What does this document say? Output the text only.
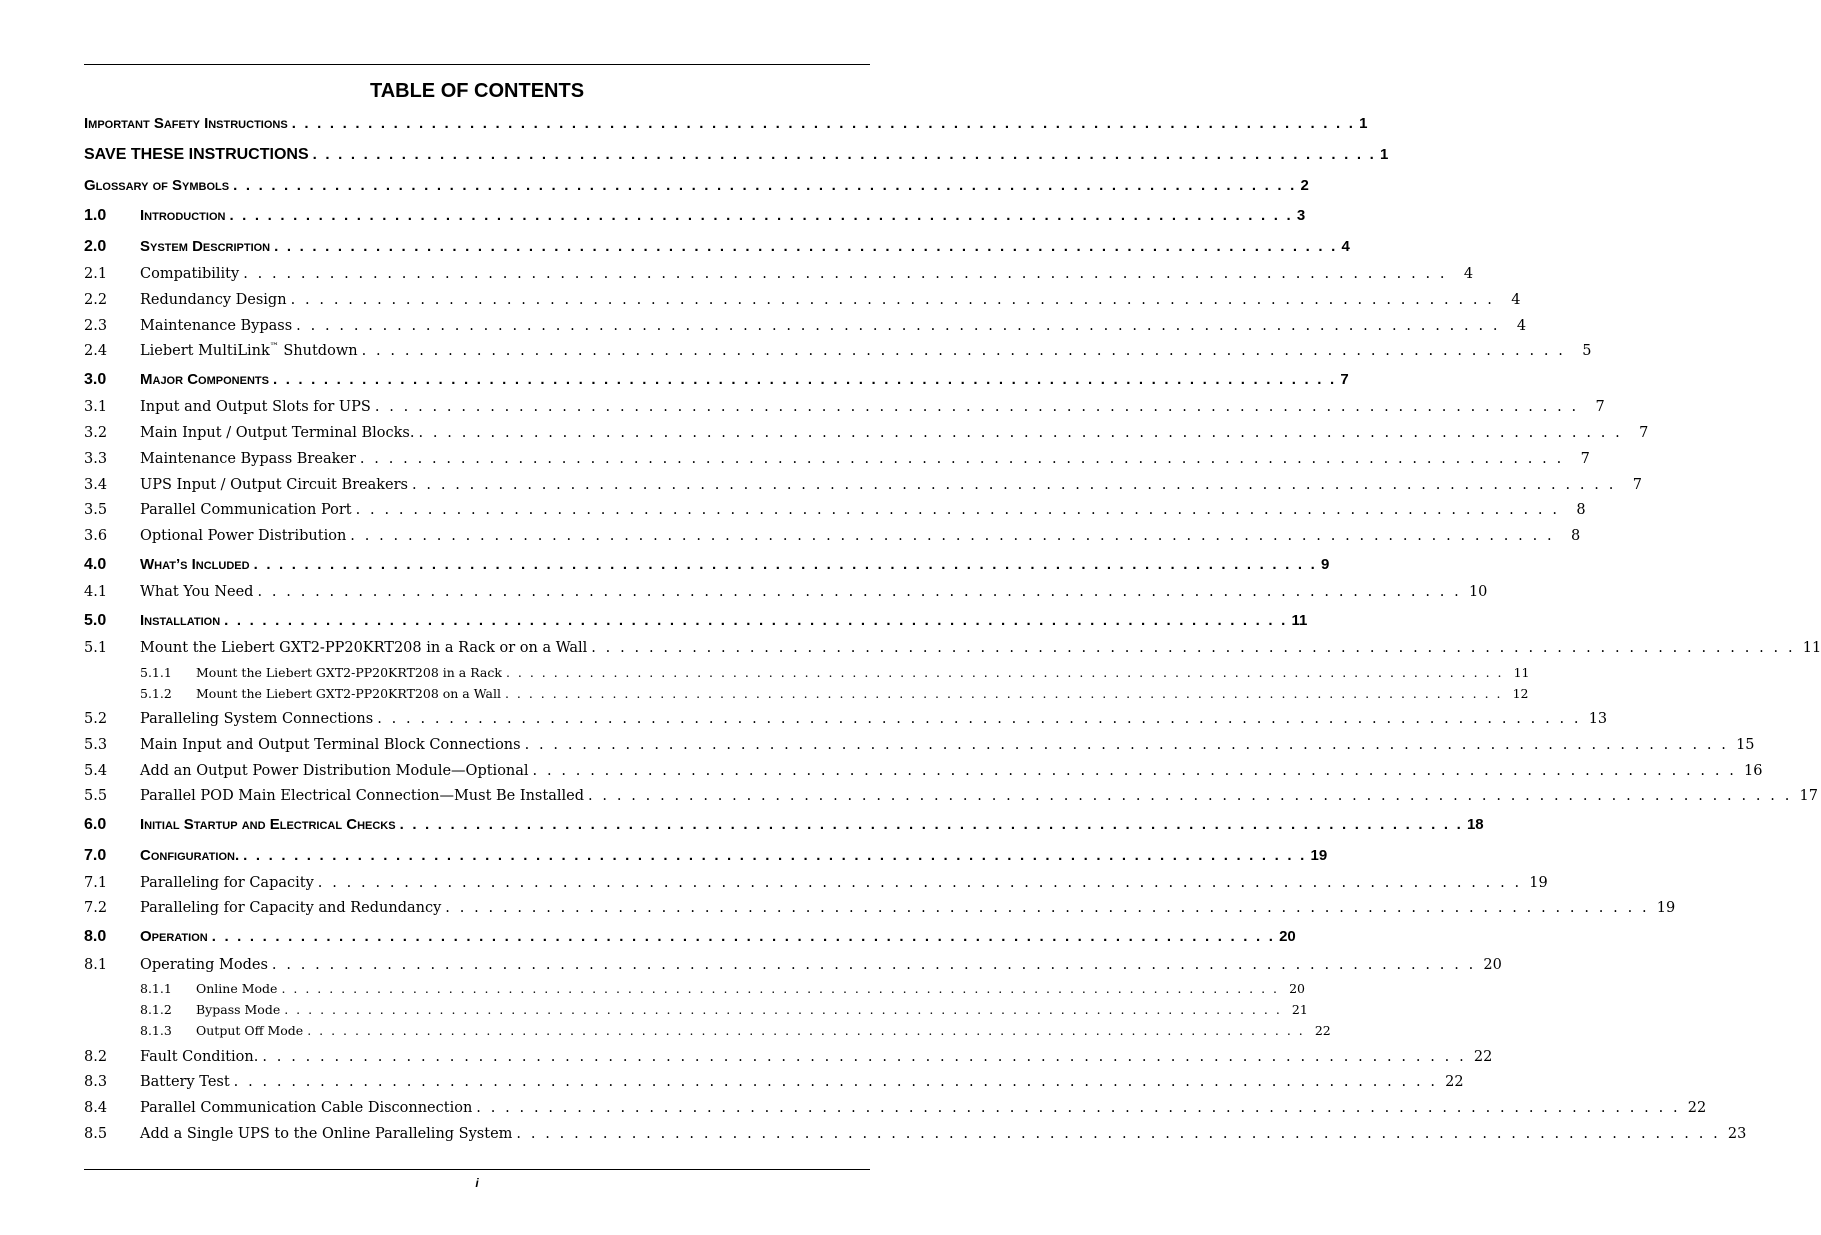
TABLE OF CONTENTS
Important Safety Instructions . . . . . . . . . . . . . . . . . . . . . . . . . . . . . . . . . . . . . . . . . . . . . . . . . . . . . . . . . . . . . . . . . . . . . . . . . . . . . . . . . . . . 1
SAVE THESE INSTRUCTIONS . . . . . . . . . . . . . . . . . . . . . . . . . . . . . . . . . . . . . . . . . . . . . . . . . . . . . . . . . . . . . . . . . . . . . . . . . . . . . . . . . . . . 1
Glossary of Symbols . . . . . . . . . . . . . . . . . . . . . . . . . . . . . . . . . . . . . . . . . . . . . . . . . . . . . . . . . . . . . . . . . . . . . . . . . . . . . . . . . . . . 2
1.0	Introduction . . . . . . . . . . . . . . . . . . . . . . . . . . . . . . . . . . . . . . . . . . . . . . . . . . . . . . . . . . . . . . . . . . . . . . . . . . . . . . . . . . . . 3
2.0	System Description . . . . . . . . . . . . . . . . . . . . . . . . . . . . . . . . . . . . . . . . . . . . . . . . . . . . . . . . . . . . . . . . . . . . . . . . . . . . . . . . . . . . 4
2.1	Compatibility . . . . . . . . . . . . . . . . . . . . . . . . . . . . . . . . . . . . . . . . . . . . . . . . . . . . . . . . . . . . . . . . . . . . . . . . . . . . . . . . . . . .	4
2.2	Redundancy Design . . . . . . . . . . . . . . . . . . . . . . . . . . . . . . . . . . . . . . . . . . . . . . . . . . . . . . . . . . . . . . . . . . . . . . . . . . . . . . . . . . . .	4
2.3	Maintenance Bypass . . . . . . . . . . . . . . . . . . . . . . . . . . . . . . . . . . . . . . . . . . . . . . . . . . . . . . . . . . . . . . . . . . . . . . . . . . . . . . . . . . . .	4
2.4	Liebert MultiLink™ Shutdown . . . . . . . . . . . . . . . . . . . . . . . . . . . . . . . . . . . . . . . . . . . . . . . . . . . . . . . . . . . . . . . . . . . . . . . . . . . . . . . . . . . .	5
3.0	Major Components . . . . . . . . . . . . . . . . . . . . . . . . . . . . . . . . . . . . . . . . . . . . . . . . . . . . . . . . . . . . . . . . . . . . . . . . . . . . . . . . . . . . 7
3.1	Input and Output Slots for UPS . . . . . . . . . . . . . . . . . . . . . . . . . . . . . . . . . . . . . . . . . . . . . . . . . . . . . . . . . . . . . . . . . . . . . . . . . . . . . . . . . . . .	7
3.2	Main Input / Output Terminal Blocks. . . . . . . . . . . . . . . . . . . . . . . . . . . . . . . . . . . . . . . . . . . . . . . . . . . . . . . . . . . . . . . . . . . . . . . . . . . . . . . . . . . . .	7
3.3	Maintenance Bypass Breaker . . . . . . . . . . . . . . . . . . . . . . . . . . . . . . . . . . . . . . . . . . . . . . . . . . . . . . . . . . . . . . . . . . . . . . . . . . . . . . . . . . . .	7
3.4	UPS Input / Output Circuit Breakers . . . . . . . . . . . . . . . . . . . . . . . . . . . . . . . . . . . . . . . . . . . . . . . . . . . . . . . . . . . . . . . . . . . . . . . . . . . . . . . . . . . .	7
3.5	Parallel Communication Port . . . . . . . . . . . . . . . . . . . . . . . . . . . . . . . . . . . . . . . . . . . . . . . . . . . . . . . . . . . . . . . . . . . . . . . . . . . . . . . . . . . .	8
3.6	Optional Power Distribution . . . . . . . . . . . . . . . . . . . . . . . . . . . . . . . . . . . . . . . . . . . . . . . . . . . . . . . . . . . . . . . . . . . . . . . . . . . . . . . . . . . .	8
4.0	What’s Included . . . . . . . . . . . . . . . . . . . . . . . . . . . . . . . . . . . . . . . . . . . . . . . . . . . . . . . . . . . . . . . . . . . . . . . . . . . . . . . . . . . . 9
4.1	What You Need . . . . . . . . . . . . . . . . . . . . . . . . . . . . . . . . . . . . . . . . . . . . . . . . . . . . . . . . . . . . . . . . . . . . . . . . . . . . . . . . . . . . 10
5.0	Installation . . . . . . . . . . . . . . . . . . . . . . . . . . . . . . . . . . . . . . . . . . . . . . . . . . . . . . . . . . . . . . . . . . . . . . . . . . . . . . . . . . . . 11
5.1	Mount the Liebert GXT2-PP20KRT208 in a Rack or on a Wall . . . . . . . . . . . . . . . . . . . . . . . . . . . . . . . . . . . . . . . . . . . . . . . . . . . . . . . . . . . . . . . . . . . . . . . . . . . . . . . . . . . . 11
5.1.1	Mount the Liebert GXT2-PP20KRT208 in a Rack . . . . . . . . . . . . . . . . . . . . . . . . . . . . . . . . . . . . . . . . . . . . . . . . . . . . . . . . . . . . . . . . . . . . . . . . . . . . . . . . . . . . 11
5.1.2	Mount the Liebert GXT2-PP20KRT208 on a Wall . . . . . . . . . . . . . . . . . . . . . . . . . . . . . . . . . . . . . . . . . . . . . . . . . . . . . . . . . . . . . . . . . . . . . . . . . . . . . . . . . . . . 12
5.2	Paralleling System Connections . . . . . . . . . . . . . . . . . . . . . . . . . . . . . . . . . . . . . . . . . . . . . . . . . . . . . . . . . . . . . . . . . . . . . . . . . . . . . . . . . . . . 13
5.3	Main Input and Output Terminal Block Connections . . . . . . . . . . . . . . . . . . . . . . . . . . . . . . . . . . . . . . . . . . . . . . . . . . . . . . . . . . . . . . . . . . . . . . . . . . . . . . . . . . . . 15
5.4	Add an Output Power Distribution Module—Optional . . . . . . . . . . . . . . . . . . . . . . . . . . . . . . . . . . . . . . . . . . . . . . . . . . . . . . . . . . . . . . . . . . . . . . . . . . . . . . . . . . . . 16
5.5	Parallel POD Main Electrical Connection—Must Be Installed . . . . . . . . . . . . . . . . . . . . . . . . . . . . . . . . . . . . . . . . . . . . . . . . . . . . . . . . . . . . . . . . . . . . . . . . . . . . . . . . . . . . 17
6.0	Initial Startup and Electrical Checks . . . . . . . . . . . . . . . . . . . . . . . . . . . . . . . . . . . . . . . . . . . . . . . . . . . . . . . . . . . . . . . . . . . . . . . . . . . . . . . . . . . . 18
7.0	Configuration. . . . . . . . . . . . . . . . . . . . . . . . . . . . . . . . . . . . . . . . . . . . . . . . . . . . . . . . . . . . . . . . . . . . . . . . . . . . . . . . . . . . . 19
7.1	Paralleling for Capacity . . . . . . . . . . . . . . . . . . . . . . . . . . . . . . . . . . . . . . . . . . . . . . . . . . . . . . . . . . . . . . . . . . . . . . . . . . . . . . . . . . . . 19
7.2	Paralleling for Capacity and Redundancy . . . . . . . . . . . . . . . . . . . . . . . . . . . . . . . . . . . . . . . . . . . . . . . . . . . . . . . . . . . . . . . . . . . . . . . . . . . . . . . . . . . . 19
8.0	Operation . . . . . . . . . . . . . . . . . . . . . . . . . . . . . . . . . . . . . . . . . . . . . . . . . . . . . . . . . . . . . . . . . . . . . . . . . . . . . . . . . . . . 20
8.1	Operating Modes . . . . . . . . . . . . . . . . . . . . . . . . . . . . . . . . . . . . . . . . . . . . . . . . . . . . . . . . . . . . . . . . . . . . . . . . . . . . . . . . . . . . 20
8.1.1	Online Mode . . . . . . . . . . . . . . . . . . . . . . . . . . . . . . . . . . . . . . . . . . . . . . . . . . . . . . . . . . . . . . . . . . . . . . . . . . . . . . . . . . . . 20
8.1.2	Bypass Mode . . . . . . . . . . . . . . . . . . . . . . . . . . . . . . . . . . . . . . . . . . . . . . . . . . . . . . . . . . . . . . . . . . . . . . . . . . . . . . . . . . . . 21
8.1.3	Output Off Mode . . . . . . . . . . . . . . . . . . . . . . . . . . . . . . . . . . . . . . . . . . . . . . . . . . . . . . . . . . . . . . . . . . . . . . . . . . . . . . . . . . . . 22
8.2	Fault Condition. . . . . . . . . . . . . . . . . . . . . . . . . . . . . . . . . . . . . . . . . . . . . . . . . . . . . . . . . . . . . . . . . . . . . . . . . . . . . . . . . . . . . 22
8.3	Battery Test . . . . . . . . . . . . . . . . . . . . . . . . . . . . . . . . . . . . . . . . . . . . . . . . . . . . . . . . . . . . . . . . . . . . . . . . . . . . . . . . . . . . 22
8.4	Parallel Communication Cable Disconnection . . . . . . . . . . . . . . . . . . . . . . . . . . . . . . . . . . . . . . . . . . . . . . . . . . . . . . . . . . . . . . . . . . . . . . . . . . . . . . . . . . . . 22
8.5	Add a Single UPS to the Online Paralleling System . . . . . . . . . . . . . . . . . . . . . . . . . . . . . . . . . . . . . . . . . . . . . . . . . . . . . . . . . . . . . . . . . . . . . . . . . . . . . . . . . . . . 23
i
